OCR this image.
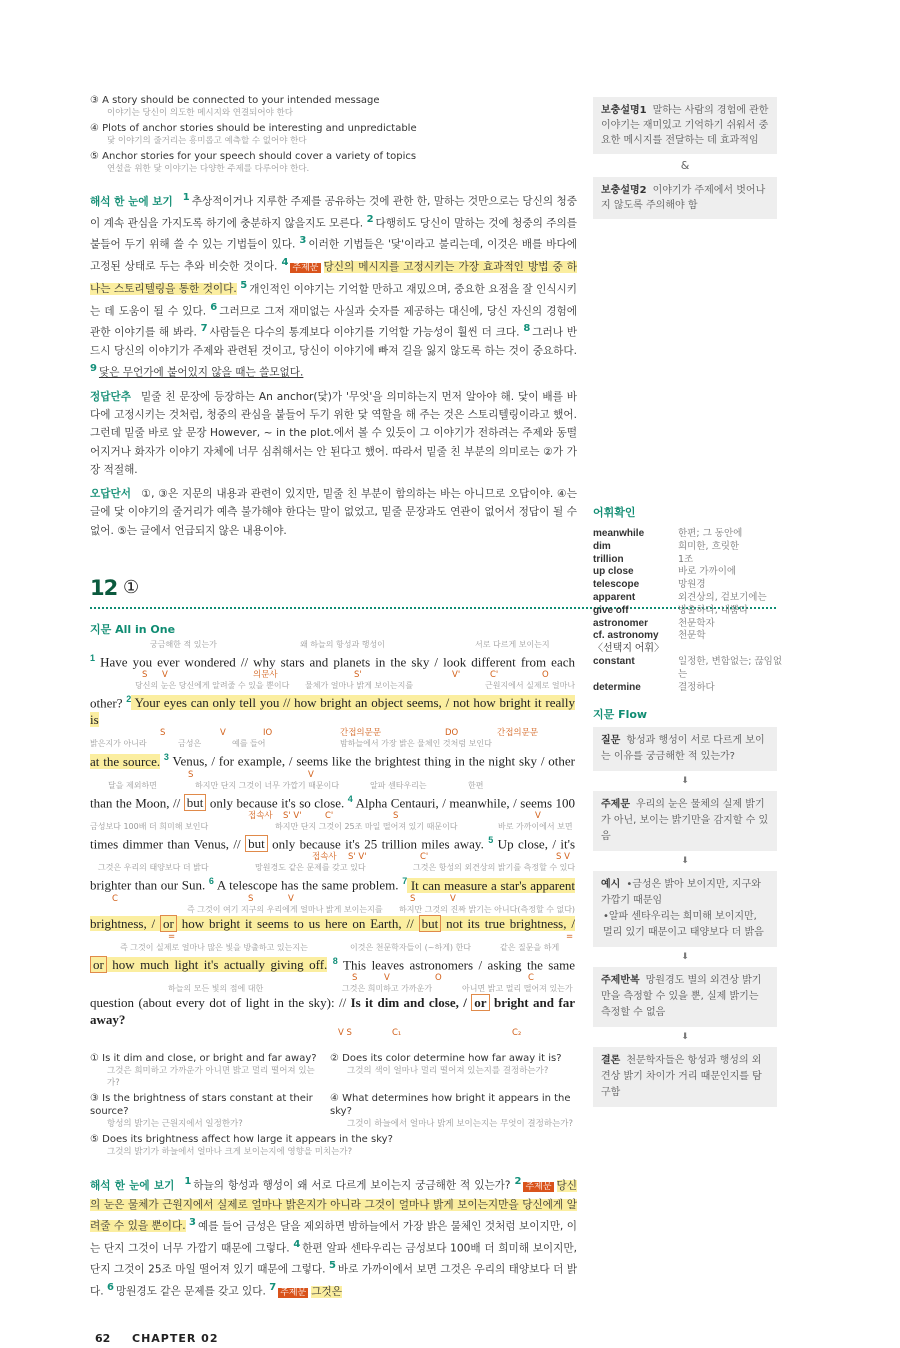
③ A story should be connected to your intended message
이야기는 당신이 의도한 메시지와 연결되어야 한다
④ Plots of anchor stories should be interesting and unpredictable
닻 이야기의 줄거리는 흥미롭고 예측할 수 없어야 한다
⑤ Anchor stories for your speech should cover a variety of topics
연설을 위한 닻 이야기는 다양한 주제를 다루어야 한다.
해석 한 눈에 보기 1 추상적이거나 지루한 주제를 공유하는 것에 관한 한, 말하는 것만으로는 당신의 청중이 계속 관심을 가지도록 하기에 충분하지 않을지도 모른다. 2 다행히도 당신이 말하는 것에 청중의 주의를 붙들어 두기 위해 쓸 수 있는 기법들이 있다. 3 이러한 기법들은 '닻'이라고 불리는데, 이것은 배를 바다에 고정된 상태로 두는 추와 비슷한 것이다. 4 주제문 당신의 메시지를 고정시키는 가장 효과적인 방법 중 하나는 스토리텔링을 통한 것이다. 5 개인적인 이야기는 기억할 만하고 재밌으며, 중요한 요점을 잘 인식시키는 데 도움이 될 수 있다. 6 그러므로 그저 재미없는 사실과 숫자를 제공하는 대신에, 당신 자신의 경험에 관한 이야기를 해 봐라. 7 사람들은 다수의 통계보다 이야기를 기억할 가능성이 훨씬 더 크다. 8 그러나 반드시 당신의 이야기가 주제와 관련된 것이고, 당신이 이야기에 빠져 길을 잃지 않도록 하는 것이 중요하다. 9 닻은 무언가에 붙어있지 않을 때는 쓸모없다.
정답단추 밑줄 친 문장에 등장하는 An anchor(닻)가 '무엇'을 의미하는지 먼저 알아야 해. 닻이 배를 바다에 고정시키는 것처럼, 청중의 관심을 붙들어 두기 위한 닻 역할을 해 주는 것은 스토리텔링이라고 했어. 그런데 밑줄 바로 앞 문장 However, ~ in the plot.에서 볼 수 있듯이 그 이야기가 전하려는 주제와 동떨어지거나 화자가 이야기 자체에 너무 심취해서는 안 된다고 했어. 따라서 밑줄 친 부분의 의미로는 ②가 가장 적절해.
오답단서 ①, ③은 지문의 내용과 관련이 있지만, 밑줄 친 부분이 함의하는 바는 아니므로 오답이야. ④는 글에 닻 이야기의 줄거리가 예측 불가해야 한다는 말이 없었고, 밑줄 문장과도 연관이 없어서 정답이 될 수 없어. ⑤는 글에서 언급되지 않은 내용이야.
12 ①
지문 All in One
궁금해한 적 있는가	왜 하늘의 항성과 행성이	서로 다르게 보이는지
$^1$ Have you ever wondered // why stars and planets in the sky / look different from each
S V	의문사	S'	V'	C'	O
당신의 눈은 당신에게 알려줄 수 있을 뿐이다 물체가 얼마나 밝게 보이는지를	근원지에서 실제로 얼마나
other? $^2$ Your eyes can only tell you // how bright an object seems, / not how bright it really is
S	V	IO	간접의문문	DO	간접의문문
밝은지가 아니라	금성은	예를 들어	밤하늘에서 가장 밝은 물체인 것처럼 보인다
at the source. $^3$ Venus, / for example, / seems like the brightest thing in the night sky / other
S	V
달을 제외하면	하지만 단지 그것이 너무 가깝기 때문이다	알파 센타우리는	한편
than the Moon, // but only because it's so close. $^4$ Alpha Centauri, / meanwhile, / seems 100
접속사 S' V'	C'	S	V
금성보다 100배 더 희미해 보인다	하지만 단지 그것이 25조 마일 떨어져 있기 때문이다	바로 가까이에서 보면
times dimmer than Venus, // but only because it's 25 trillion miles away. $^5$ Up close, / it's
접속사 S' V'	C'	S V
그것은 우리의 태양보다 더 밝다	망원경도 같은 문제를 갖고 있다	그것은 항성의 외견상의 밝기를 측정할 수 있다
brighter than our Sun. $^6$ A telescope has the same problem. $^7$ It can measure a star's apparent
C	S	V	S	V
즉 그것이 여기 지구의 우리에게 얼마나 밝게 보이는지를 하지만 그것의 진짜 밝기는 아니다(측정할 수 없다)
brightness, / or how bright it seems to us here on Earth, // but not its true brightness, /
=	=
즉 그것이 실제로 얼마나 많은 빛을 방출하고 있는지는	이것은 천문학자들이 (~하게) 한다	같은 질문을 하게
or how much light it's actually giving off. $^8$ This leaves astronomers / asking the same
S	V	O	C
하늘의 모든 빛의 점에 대한	그것은 희미하고 가까운가	아니면 밝고 멀리 떨어져 있는가
question (about every dot of light in the sky): // Is it dim and close, / or bright and far away?
V S	C₁	C₂
① Is it dim and close, or bright and far away?
그것은 희미하고 가까운가 아니면 밝고 멀리 떨어져 있는가?
② Does its color determine how far away it is?
그것의 색이 얼마나 멀리 떨어져 있는지를 결정하는가?
③ Is the brightness of stars constant at their source?
항성의 밝기는 근원지에서 일정한가?
④ What determines how bright it appears in the sky?
그것이 하늘에서 얼마나 밝게 보이는지는 무엇이 결정하는가?
⑤ Does its brightness affect how large it appears in the sky?
그것의 밝기가 하늘에서 얼마나 크게 보이는지에 영향을 미치는가?
해석 한 눈에 보기 1 하늘의 항성과 행성이 왜 서로 다르게 보이는지 궁금해한 적 있는가? 2 주제문 당신의 눈은 물체가 근원지에서 실제로 얼마나 밝은지가 아니라 그것이 얼마나 밝게 보이는지만을 당신에게 알려줄 수 있을 뿐이다. 3 예를 들어 금성은 달을 제외하면 밤하늘에서 가장 밝은 물체인 것처럼 보이지만, 이는 단지 그것이 너무 가깝기 때문에 그렇다. 4 한편 알파 센타우리는 금성보다 100배 더 희미해 보이지만, 단지 그것이 25조 마일 떨어져 있기 때문에 그렇다. 5 바로 가까이에서 보면 그것은 우리의 태양보다 더 밝다. 6 망원경도 같은 문제를 갖고 있다. 7 주제문 그것은
62 CHAPTER 02
보충설명1 말하는 사람의 경험에 관한 이야기는 재미있고 기억하기 쉬워서 중요한 메시지를 전달하는 데 효과적임
&
보충설명2 이야기가 주제에서 벗어나지 않도록 주의해야 함
어휘확인
meanwhile	한편; 그 동안에
dim	희미한, 흐릿한
trillion	1조
up close	바로 가까이에
telescope	망원경
apparent	외견상의, 겉보기에는
give off	방출하다, 내뿜다
astronomer	천문학자
cf. astronomy	천문학
〈선택지 어휘〉
constant	일정한, 변함없는; 끊임없는
determine	결정하다
지문 Flow
질문 항성과 행성이 서로 다르게 보이는 이유를 궁금해한 적 있는가?
⬇
주제문 우리의 눈은 물체의 실제 밝기가 아닌, 보이는 밝기만을 감지할 수 있음
⬇
예시 •금성은 밝아 보이지만, 지구와 가깝기 때문임
•알파 센타우리는 희미해 보이지만, 멀리 있기 때문이고 태양보다 더 밝음
⬇
주제반복 망원경도 별의 외견상 밝기만을 측정할 수 있을 뿐, 실제 밝기는 측정할 수 없음
⬇
결론 천문학자들은 항성과 행성의 외견상 밝기 차이가 거리 때문인지를 탐구함
